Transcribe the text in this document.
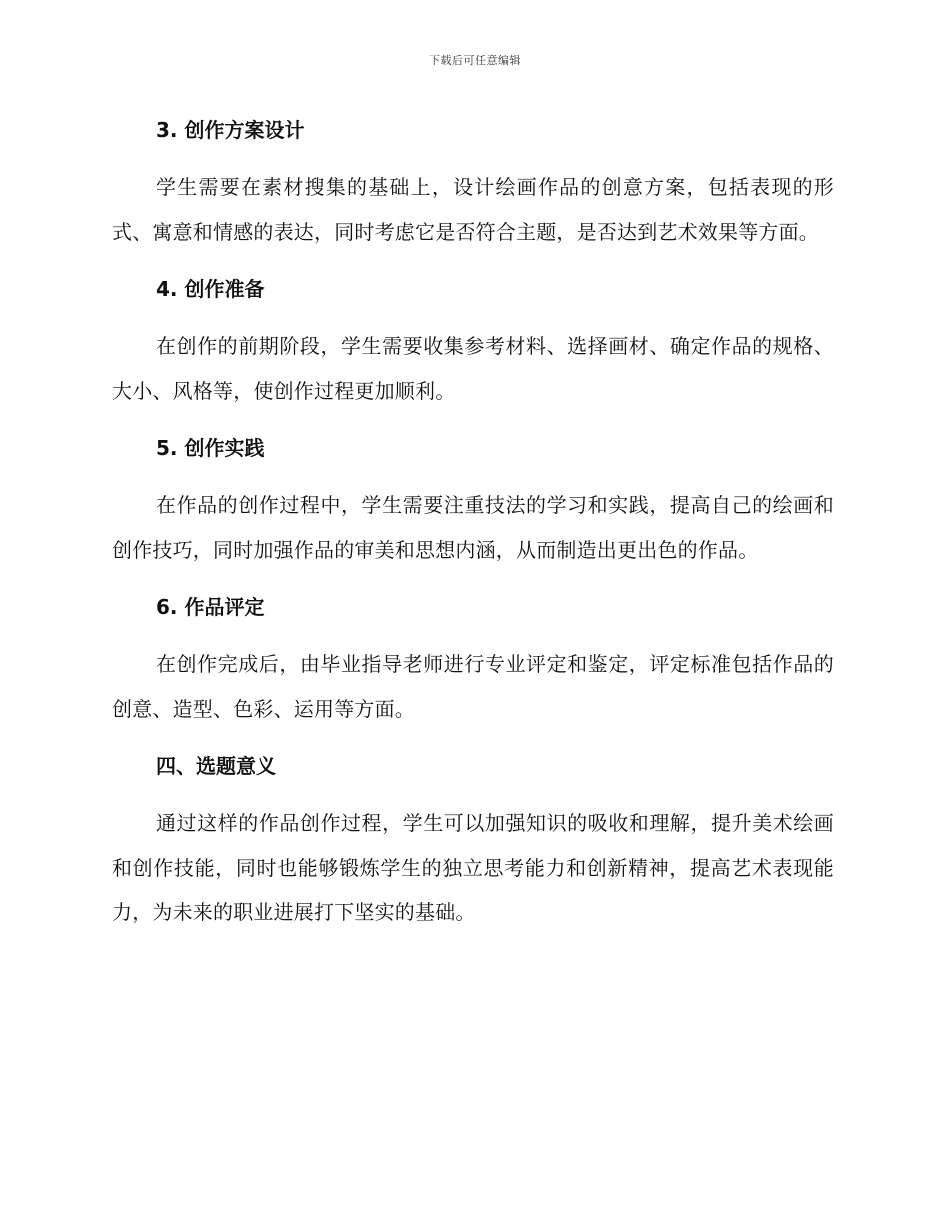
下载后可任意编辑
3. 创作方案设计

学生需要在素材搜集的基础上，设计绘画作品的创意方案，包括表现的形式、寓意和情感的表达，同时考虑它是否符合主题，是否达到艺术效果等方面。

4. 创作准备

在创作的前期阶段，学生需要收集参考材料、选择画材、确定作品的规格、大小、风格等，使创作过程更加顺利。

5. 创作实践

在作品的创作过程中，学生需要注重技法的学习和实践，提高自己的绘画和创作技巧，同时加强作品的审美和思想内涵，从而制造出更出色的作品。

6. 作品评定

在创作完成后，由毕业指导老师进行专业评定和鉴定，评定标准包括作品的创意、造型、色彩、运用等方面。

四、选题意义

通过这样的作品创作过程，学生可以加强知识的吸收和理解，提升美术绘画和创作技能，同时也能够锻炼学生的独立思考能力和创新精神，提高艺术表现能力，为未来的职业进展打下坚实的基础。
